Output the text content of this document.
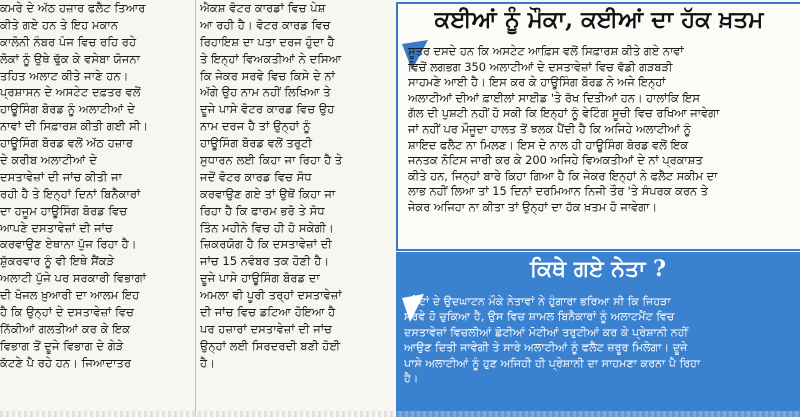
ਕਮਰੇ ਦੇ ਅੱਠ ਹਜ਼ਾਰ ਫਲੈਟ ਤਿਆਰ
ਕੀਤੇ ਗਏ ਹਨ ਤੇ ਇਹ ਮਕਾਨ
ਕਾਲੋਨੀ ਨੰਬਰ ਪੰਜ ਵਿਚ ਰਹਿ ਰਹੇ
ਲੋਕਾਂ ਨੂੰ ਉਥੇ ਢੁੱਕ ਕੇ ਵਸੇਬਾ ਯੋਜਨਾ
ਤਹਿਤ ਅਲਾਟ ਕੀਤੇ ਜਾਣੇ ਹਨ।
ਪ੍ਰਸ਼ਾਸਨ ਦੇ ਅਸਟੇਟ ਦਫ਼ਤਰ ਵਲੋਂ
ਹਾਊਸਿੰਗ ਬੋਰਡ ਨੂੰ ਅਲਾਟੀਆਂ ਦੇ
ਨਾਵਾਂ ਦੀ ਸਿਫ਼ਾਰਸ਼ ਕੀਤੀ ਗਈ ਸੀ।
ਹਾਊਸਿੰਗ ਬੋਰਡ ਵਲੋਂ ਅੱਠ ਹਜ਼ਾਰ
ਦੇ ਕਰੀਬ ਅਲਾਟੀਆਂ ਦੇ
ਦਸਤਾਵੇਜ਼ਾਂ ਦੀ ਜਾਂਚ ਕੀਤੀ ਜਾ
ਰਹੀ ਹੈ ਤੇ ਇਨ੍ਹਾਂ ਦਿਨਾਂ ਬਿਨੈਕਾਰਾਂ
ਦਾ ਹਜੂਮ ਹਾਊਸਿੰਗ ਬੋਰਡ ਵਿਚ
ਆਪਣੇ ਦਸਤਾਵੇਜ਼ਾਂ ਦੀ ਜਾਂਚ
ਕਰਵਾਉਣ ਏਥਾਨਾ ਪੁੱਜ ਰਿਹਾ ਹੈ।
ਸ਼ੁੱਕਰਵਾਰ ਨੂੰ ਵੀ ਇਥੇ ਸੈਂਕੜੇ
ਅਲਾਟੀ ਪੁੱਜੇ ਪਰ ਸਰਕਾਰੀ ਵਿਭਾਗਾਂ
ਦੀ ਖੋਜਲ ਖ਼ੁਆਰੀ ਦਾ ਆਲਮ ਇਹ
ਹੈ ਕਿ ਉਨ੍ਹਾਂ ਦੇ ਦਸਤਾਵੇਜ਼ਾਂ ਵਿਚ
ਨਿੱਕੀਆਂ ਗਲਤੀਆਂ ਕਰ ਕੇ ਇਕ
ਵਿਭਾਗ ਤੋਂ ਦੂਜੇ ਵਿਭਾਗ ਦੇ ਗੇੜੇ
ਕੱਟਣੇ ਪੈ ਰਹੇ ਹਨ। ਜਿਆਦਾਤਰ
ਐਕਸ਼ ਵੋਟਰ ਕਾਰਡਾਂ ਵਿਚ ਪੇਸ਼
ਆ ਰਹੀ ਹੈ। ਵੋਟਰ ਕਾਰਡ ਵਿਚ
ਰਿਹਾਇਸ਼ ਦਾ ਪਤਾ ਦਰਜ ਹੁੰਦਾ ਹੈ
ਤੇ ਇਨ੍ਹਾਂ ਵਿਅਕਤੀਆਂ ਨੇ ਦਸਿਆ
ਕਿ ਜੇਕਰ ਸਰਵੇ ਵਿਚ ਕਿਸੇ ਦੇ ਨਾਂ
ਅੱਗੇ ਉਹ ਨਾਮ ਨਹੀਂ ਲਿਖਿਆ ਤੇ
ਦੂਜੇ ਪਾਸੇ ਵੋਟਰ ਕਾਰਡ ਵਿਚ ਉਹ
ਨਾਮ ਦਰਜ ਹੈ ਤਾਂ ਉਨ੍ਹਾਂ ਨੂੰ
ਹਾਊਸਿੰਗ ਬੋਰਡ ਵਲੋਂ ਤਰੁਟੀ
ਸੁਧਾਰਨ ਲਈ ਕਿਹਾ ਜਾ ਰਿਹਾ ਹੈ ਤੇ
ਜਦੋਂ ਵੋਟਰ ਕਾਰਡ ਵਿਚ ਸੋਧ
ਕਰਵਾਉਣ ਗਏ ਤਾਂ ਉਥੋਂ ਕਿਹਾ ਜਾ
ਰਿਹਾ ਹੈ ਕਿ ਫਾਰਮ ਭਰੋ ਤੇ ਸੋਧ
ਤਿੰਨ ਮਹੀਨੇ ਵਿਚ ਹੀ ਹੋ ਸਕੇਗੀ।
ਜ਼ਿਕਰਯੋਗ ਹੈ ਕਿ ਦਸਤਾਵੇਜ਼ਾਂ ਦੀ
ਜਾਂਚ 15 ਨਵੰਬਰ ਤਕ ਹੋਣੀ ਹੈ।
ਦੂਜੇ ਪਾਸੇ ਹਾਊਸਿੰਗ ਬੋਰਡ ਦਾ
ਅਮਲਾ ਵੀ ਪੂਰੀ ਤਰ੍ਹਾਂ ਦਸਤਾਵੇਜ਼ਾਂ
ਦੀ ਜਾਂਚ ਵਿਚ ਡਟਿਆ ਹੋਇਆ ਹੈ
ਪਰ ਹਜ਼ਾਰਾਂ ਦਸਤਾਵੇਜ਼ਾਂ ਦੀ ਜਾਂਚ
ਉਨ੍ਹਾਂ ਲਈ ਸਿਰਦਰਦੀ ਬਣੀ ਹੋਈ
ਹੈ।
ਕਈਆਂ ਨੂੰ ਮੌਕਾ, ਕਈਆਂ ਦਾ ਹੱਕ ਖ਼ਤਮ
ਸੂਤਰ ਦਸਦੇ ਹਨ ਕਿ ਅਸਟੇਟ ਆਫ਼ਿਸ ਵਲੋਂ ਸਿਫ਼ਾਰਸ਼ ਕੀਤੇ ਗਏ ਨਾਵਾਂ
ਵਿਚੋਂ ਲਗਭਗ 350 ਅਲਾਟੀਆਂ ਦੇ ਦਸਤਾਵੇਜ਼ਾਂ ਵਿਚ ਵੱਡੀ ਗੜਬੜੀ
ਸਾਹਮਣੇ ਆਈ ਹੈ। ਇਸ ਕਰ ਕੇ ਹਾਊਸਿੰਗ ਬੋਰਡ ਨੇ ਅਜੇ ਇਨ੍ਹਾਂ
ਅਲਾਟੀਆਂ ਦੀਆਂ ਫ਼ਾਈਲਾਂ ਸਾਈਡ 'ਤੇ ਰੱਖ ਦਿਤੀਆਂ ਹਨ। ਹਾਲਾਂਕਿ ਇਸ
ਗੱਲ ਦੀ ਪੁਸ਼ਟੀ ਨਹੀਂ ਹੋ ਸਕੀ ਕਿ ਇਨ੍ਹਾਂ ਨੂੰ ਵੇਟਿੰਗ ਸੂਚੀ ਵਿਚ ਰਖਿਆ ਜਾਵੇਗਾ
ਜਾਂ ਨਹੀਂ ਪਰ ਮੌਜੂਦਾ ਹਾਲਤ ਤੋਂ ਝਲਕ ਪੈਂਦੀ ਹੈ ਕਿ ਅਜਿਹੇ ਅਲਾਟੀਆਂ ਨੂੰ
ਸ਼ਾਇਦ ਫਲੈਟ ਨਾ ਮਿਲਣ। ਇਸ ਦੇ ਨਾਲ ਹੀ ਹਾਊਸਿੰਗ ਬੋਰਡ ਵਲੋਂ ਇਕ
ਜਨਤਕ ਨੋਟਿਸ ਜਾਰੀ ਕਰ ਕੇ 200 ਅਜਿਹੇ ਵਿਅਕਤੀਆਂ ਦੇ ਨਾਂ ਪ੍ਰਕਾਸ਼ਤ
ਕੀਤੇ ਹਨ, ਜਿਨ੍ਹਾਂ ਬਾਰੇ ਕਿਹਾ ਗਿਆ ਹੈ ਕਿ ਜੇਕਰ ਇਨ੍ਹਾਂ ਨੇ ਫਲੈਟ ਸਕੀਮ ਦਾ
ਲਾਭ ਨਹੀਂ ਲਿਆ ਤਾਂ 15 ਦਿਨਾਂ ਦਰਮਿਆਨ ਨਿਜੀ ਤੌਰ 'ਤੇ ਸੰਪਰਕ ਕਰਨ ਤੇ
ਜੇਕਰ ਅਜਿਹਾ ਨਾ ਕੀਤਾ ਤਾਂ ਉਨ੍ਹਾਂ ਦਾ ਹੱਕ ਖ਼ਤਮ ਹੋ ਜਾਵੇਗਾ।
ਕਿਥੇ ਗਏ ਨੇਤਾ ?
ਫਲੈਟਾਂ ਦੇ ਉਦਘਾਟਨ ਮੌਕੇ ਨੇਤਾਵਾਂ ਨੇ ਹੁੰਗਾਰਾ ਭਰਿਆ ਸੀ ਕਿ ਜਿਹੜਾ
ਸਰਵੇ ਹੋ ਚੁਕਿਆ ਹੈ, ਉਸ ਵਿਚ ਸ਼ਾਮਲ ਬਿਨੈਕਾਰਾਂ ਨੂੰ ਅਲਾਟਮੈਂਟ ਵਿਚ
ਦਸਤਾਵੇਜ਼ਾਂ ਵਿਚਲੀਆਂ ਛੋਟੀਆਂ ਮੋਟੀਆਂ ਤਰੁਟੀਆਂ ਕਰ ਕੇ ਪ੍ਰੇਸ਼ਾਨੀ ਨਹੀਂ
ਆਉਣ ਦਿਤੀ ਜਾਵੇਗੀ ਤੇ ਸਾਰੇ ਅਲਾਟੀਆਂ ਨੂੰ ਫਲੈਟ ਜ਼ਰੂਰ ਮਿਲੇਗਾ। ਦੂਜੇ
ਪਾਸੇ ਅਲਾਟੀਆਂ ਨੂੰ ਹੁਣ ਅਜਿਹੀ ਹੀ ਪ੍ਰੇਸ਼ਾਨੀ ਦਾ ਸਾਹਮਣਾ ਕਰਨਾ ਪੈ ਰਿਹਾ
ਹੈ।
